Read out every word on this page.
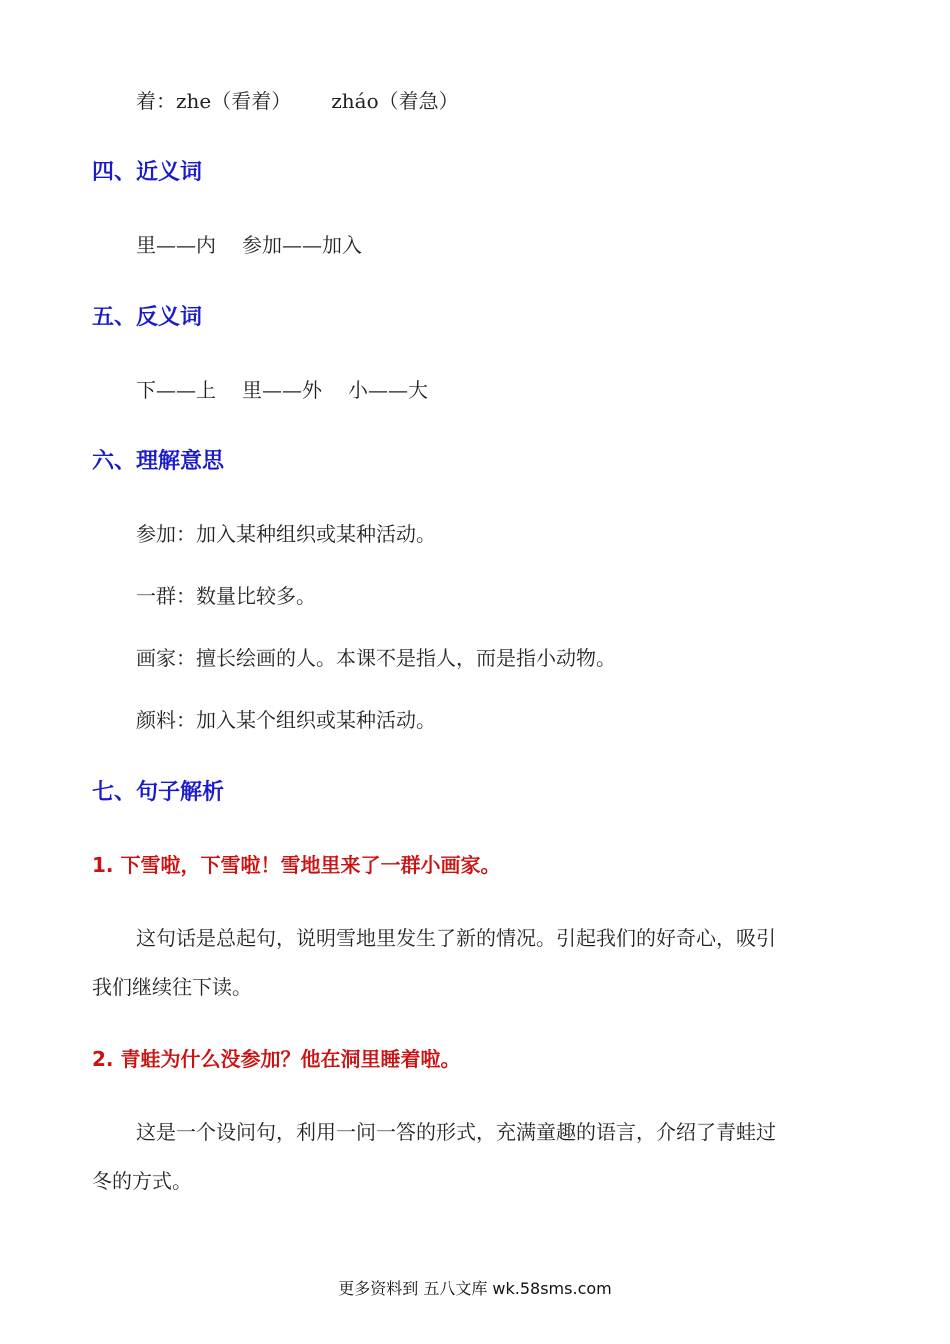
着：zhe（看着） zháo（着急）
四、近义词
里——内 参加——加入
五、反义词
下——上 里——外 小——大
六、理解意思
参加：加入某种组织或某种活动。
一群：数量比较多。
画家：擅长绘画的人。本课不是指人，而是指小动物。
颜料：加入某个组织或某种活动。
七、句子解析
1. 下雪啦，下雪啦！雪地里来了一群小画家。
这句话是总起句，说明雪地里发生了新的情况。引起我们的好奇心，吸引
我们继续往下读。
2. 青蛙为什么没参加？他在洞里睡着啦。
这是一个设问句，利用一问一答的形式，充满童趣的语言，介绍了青蛙过
冬的方式。
更多资料到 五八文库 wk.58sms.com
